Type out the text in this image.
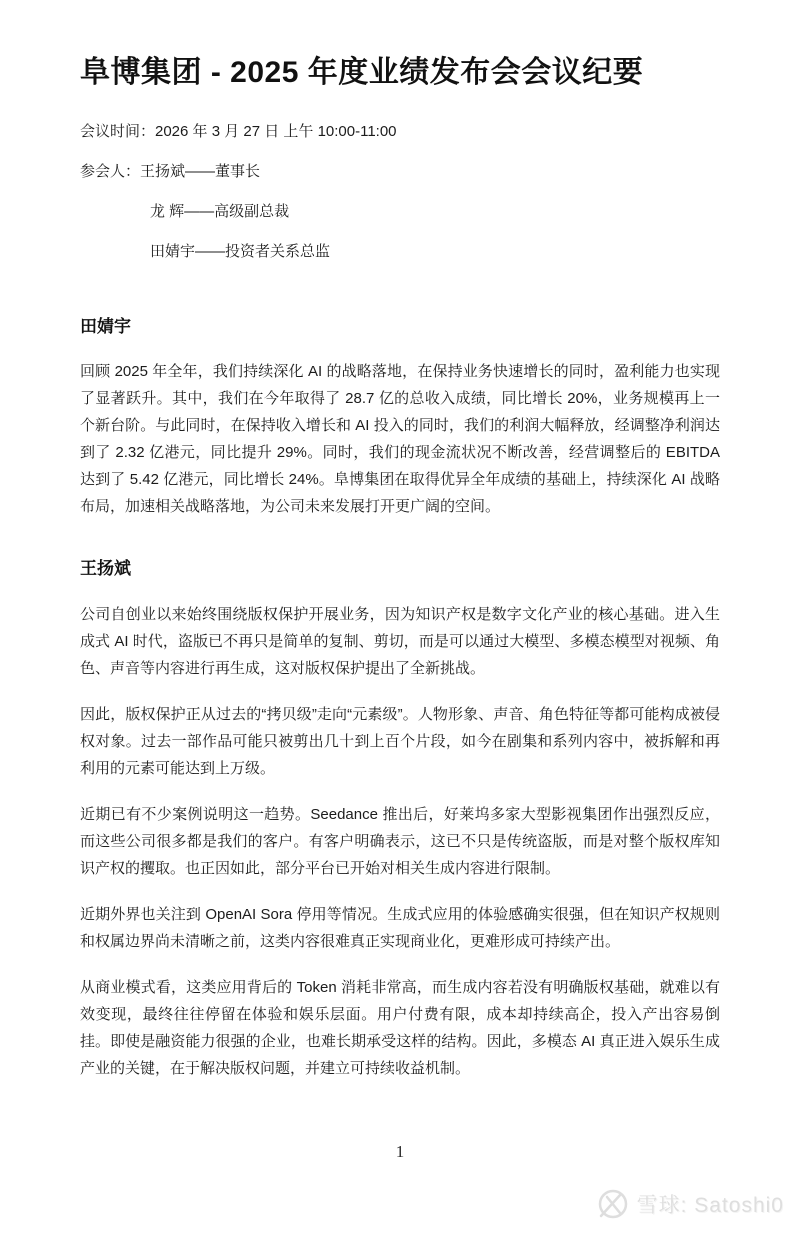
阜博集团 - 2025 年度业绩发布会会议纪要

会议时间：2026 年 3 月 27 日 上午 10:00-11:00

参会人：王扬斌——董事长

龙 辉——高级副总裁

田婧宇——投资者关系总监

田婧宇

回顾 2025 年全年，我们持续深化 AI 的战略落地，在保持业务快速增长的同时，盈利能力也实现了显著跃升。其中，我们在今年取得了 28.7 亿的总收入成绩，同比增长 20%，业务规模再上一个新台阶。与此同时，在保持收入增长和 AI 投入的同时，我们的利润大幅释放，经调整净利润达到了 2.32 亿港元，同比提升 29%。同时，我们的现金流状况不断改善，经营调整后的 EBITDA 达到了 5.42 亿港元，同比增长 24%。阜博集团在取得优异全年成绩的基础上，持续深化 AI 战略布局，加速相关战略落地，为公司未来发展打开更广阔的空间。

王扬斌

公司自创业以来始终围绕版权保护开展业务，因为知识产权是数字文化产业的核心基础。进入生成式 AI 时代，盗版已不再只是简单的复制、剪切，而是可以通过大模型、多模态模型对视频、角色、声音等内容进行再生成，这对版权保护提出了全新挑战。

因此，版权保护正从过去的“拷贝级”走向“元素级”。人物形象、声音、角色特征等都可能构成被侵权对象。过去一部作品可能只被剪出几十到上百个片段，如今在剧集和系列内容中，被拆解和再利用的元素可能达到上万级。

近期已有不少案例说明这一趋势。Seedance 推出后，好莱坞多家大型影视集团作出强烈反应，而这些公司很多都是我们的客户。有客户明确表示，这已不只是传统盗版，而是对整个版权库知识产权的攫取。也正因如此，部分平台已开始对相关生成内容进行限制。

近期外界也关注到 OpenAI Sora 停用等情况。生成式应用的体验感确实很强，但在知识产权规则和权属边界尚未清晰之前，这类内容很难真正实现商业化，更难形成可持续产出。

从商业模式看，这类应用背后的 Token 消耗非常高，而生成内容若没有明确版权基础，就难以有效变现，最终往往停留在体验和娱乐层面。用户付费有限，成本却持续高企，投入产出容易倒挂。即使是融资能力很强的企业，也难长期承受这样的结构。因此，多模态 AI 真正进入娱乐生成产业的关键，在于解决版权问题，并建立可持续收益机制。

1
雪球: Satoshi0
